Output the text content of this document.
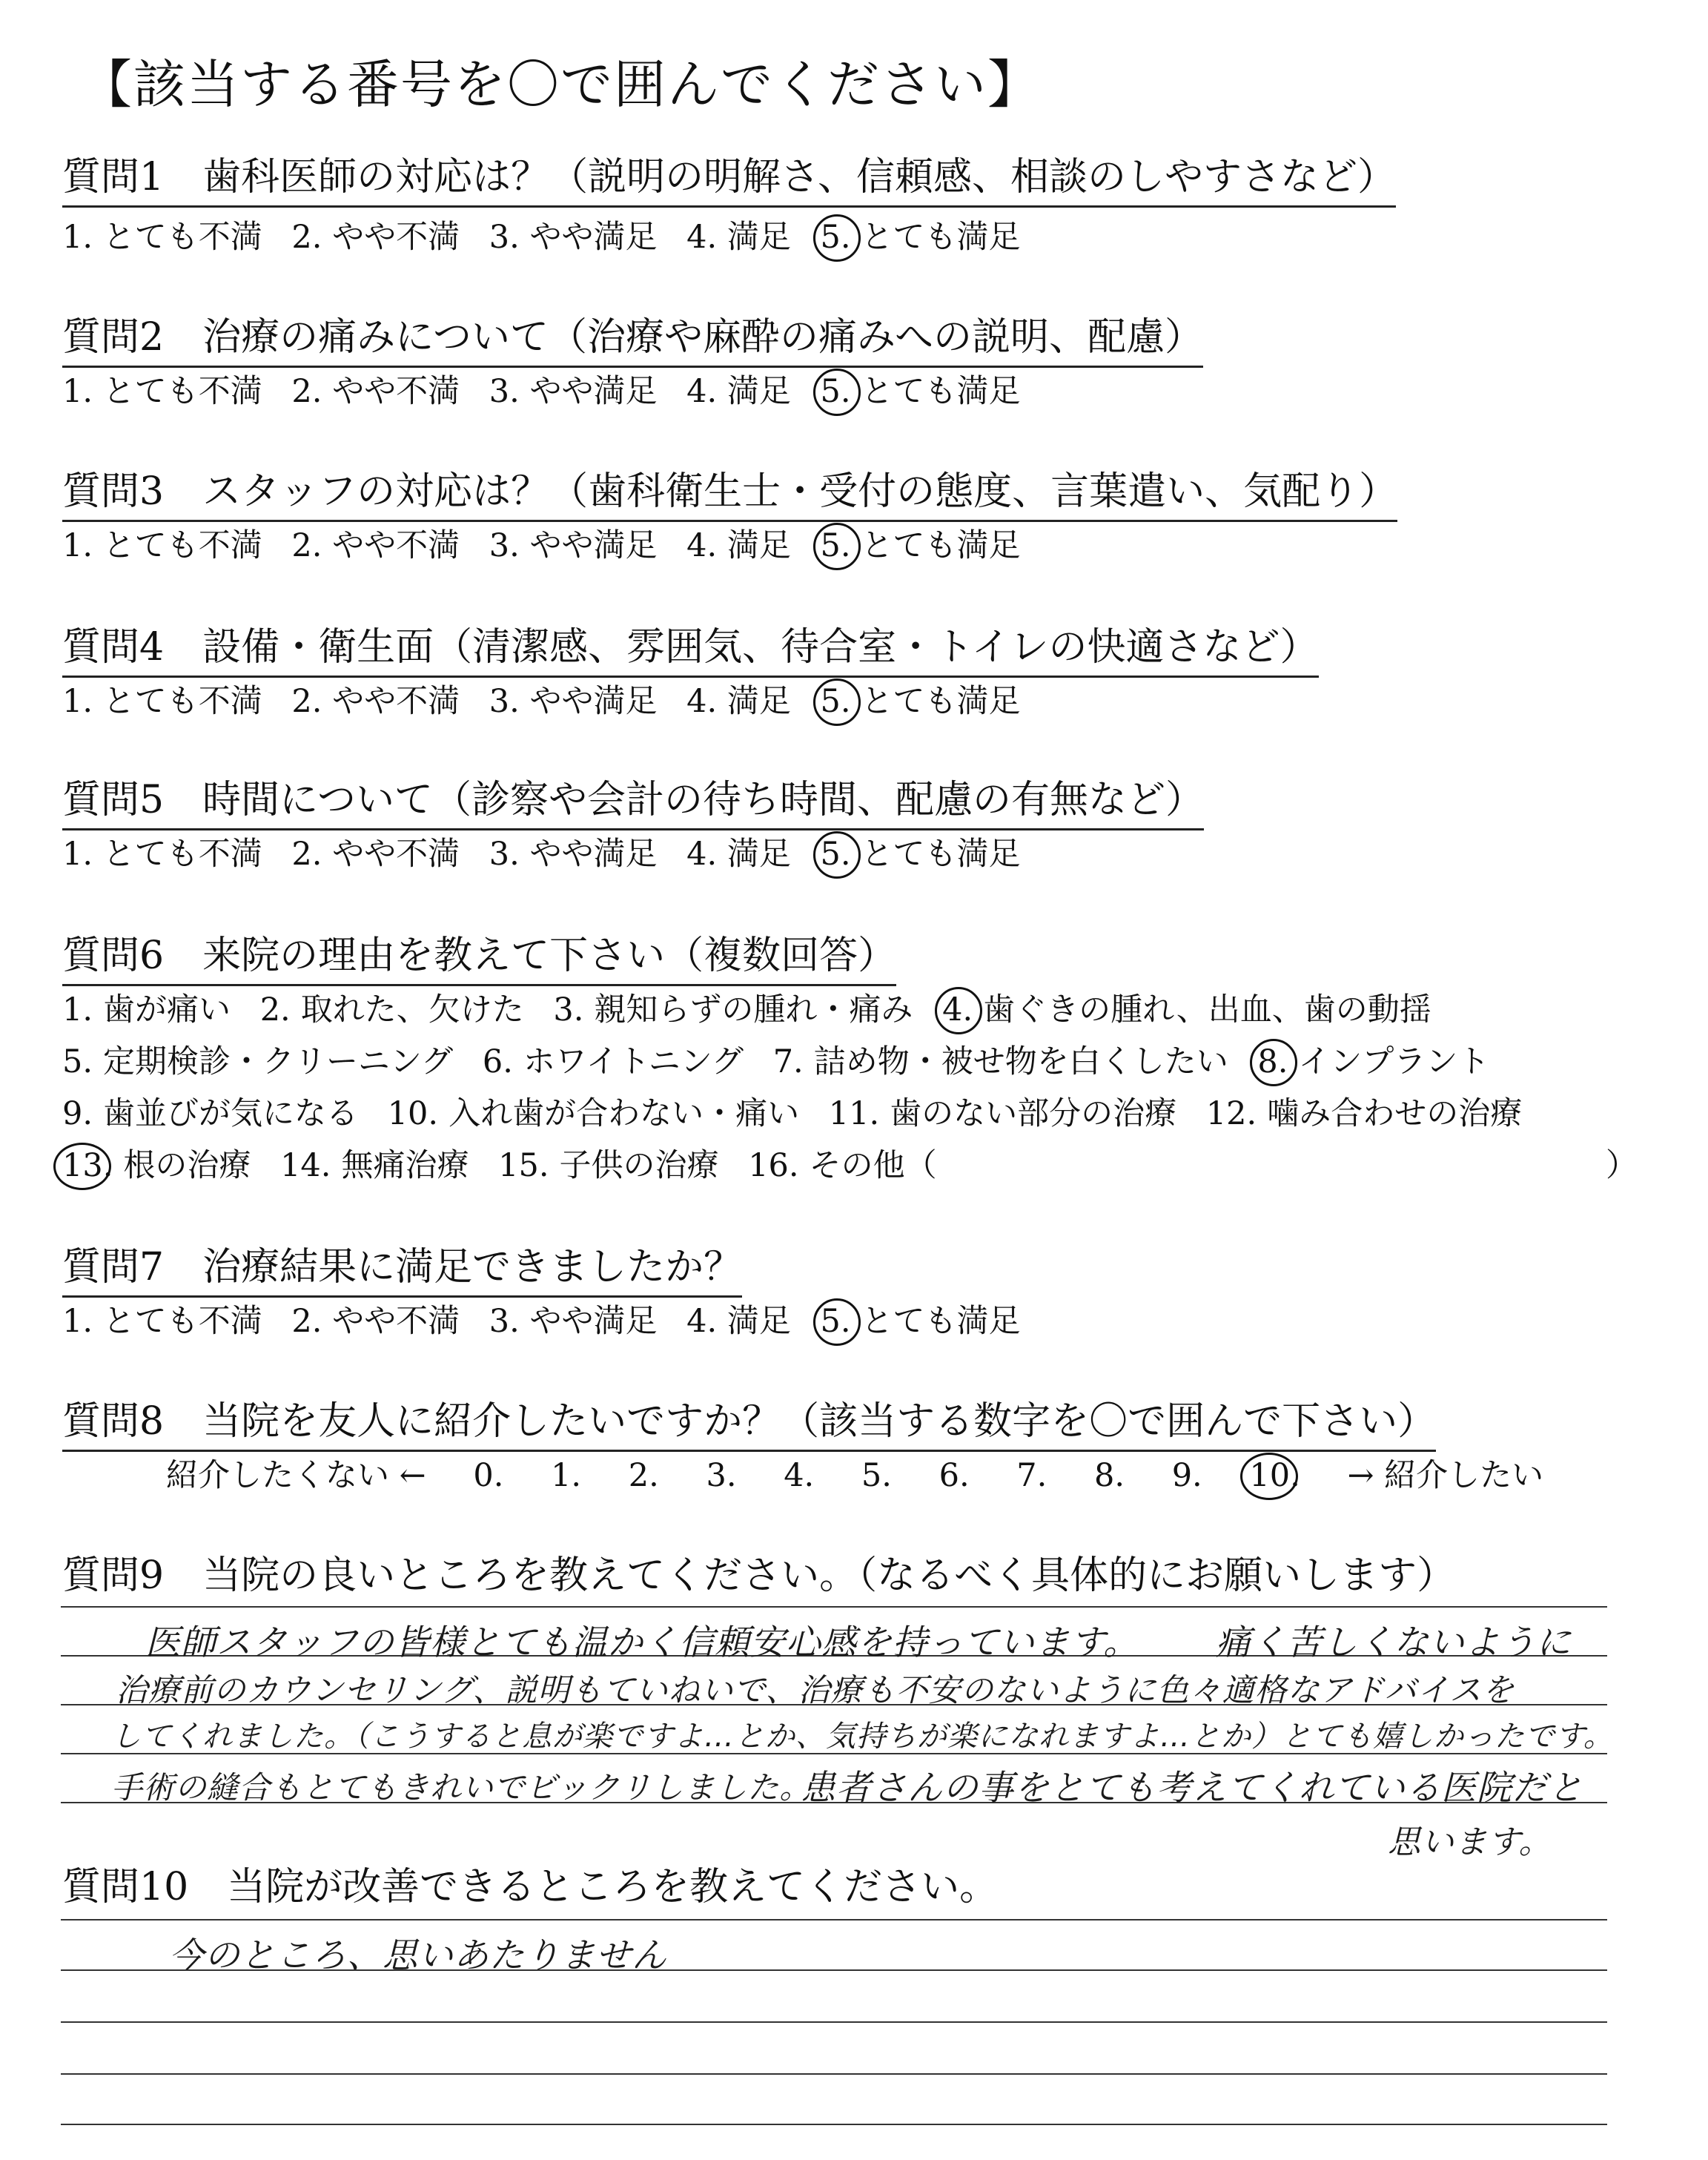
【該当する番号を〇で囲んでください】
質問1　歯科医師の対応は？（説明の明解さ、信頼感、相談のしやすさなど）
1. とても不満 2. やや不満 3. やや満足 4. 満足 5. とても満足
質問2　治療の痛みについて（治療や麻酔の痛みへの説明、配慮）
1. とても不満 2. やや不満 3. やや満足 4. 満足 5. とても満足
質問3　スタッフの対応は？（歯科衛生士・受付の態度、言葉遣い、気配り）
1. とても不満 2. やや不満 3. やや満足 4. 満足 5. とても満足
質問4　設備・衛生面（清潔感、雰囲気、待合室・トイレの快適さなど）
1. とても不満 2. やや不満 3. やや満足 4. 満足 5. とても満足
質問5　時間について（診察や会計の待ち時間、配慮の有無など）
1. とても不満 2. やや不満 3. やや満足 4. 満足 5. とても満足
質問6　来院の理由を教えて下さい（複数回答）
1. 歯が痛い 2. 取れた、欠けた 3. 親知らずの腫れ・痛み 4. 歯ぐきの腫れ、出血、歯の動揺
5. 定期検診・クリーニング 6. ホワイトニング 7. 詰め物・被せ物を白くしたい 8. インプラント
9. 歯並びが気になる 10. 入れ歯が合わない・痛い 11. 歯のない部分の治療 12. 噛み合わせの治療
13. 根の治療 14. 無痛治療 15. 子供の治療 16. その他（	）
質問7　治療結果に満足できましたか？
1. とても不満 2. やや不満 3. やや満足 4. 満足 5. とても満足
質問8　当院を友人に紹介したいですか？（該当する数字を〇で囲んで下さい）
紹介したくない ← 0. 1. 2. 3. 4. 5. 6. 7. 8. 9. 10. → 紹介したい
質問9　当院の良いところを教えてください。（なるべく具体的にお願いします）
医師スタッフの皆様とても温かく信頼安心感を持っています。 痛く苦しくないように
治療前のカウンセリング、説明もていねいで、治療も不安のないように色々適格なアドバイスを
してくれました。（こうすると息が楽ですよ…とか、気持ちが楽になれますよ…とか）とても嬉しかったです。
手術の縫合もとてもきれいでビックリしました。
患者さんの事をとても考えてくれている医院だと
思います。
質問10　当院が改善できるところを教えてください。
今のところ、思いあたりません
